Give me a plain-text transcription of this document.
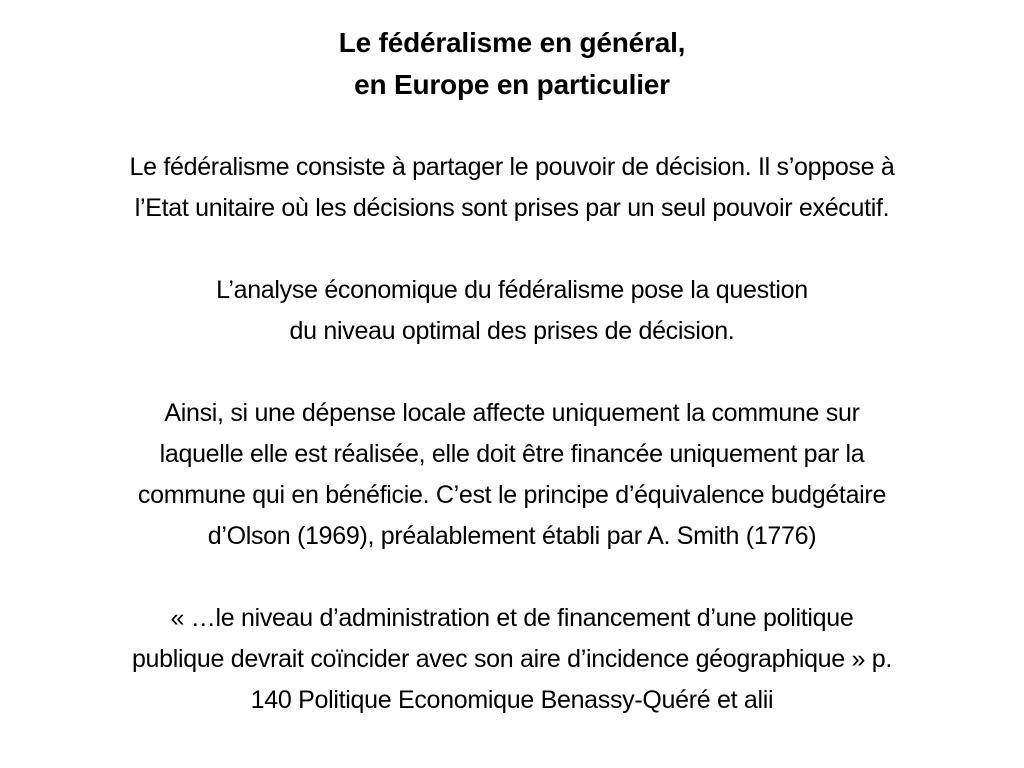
Le fédéralisme en général,
en Europe en particulier
Le fédéralisme consiste à partager le pouvoir de décision. Il s’oppose à
l’Etat unitaire où les décisions sont prises par un seul pouvoir exécutif.
L’analyse économique du fédéralisme pose la question
du niveau optimal des prises de décision.
Ainsi, si une dépense locale affecte uniquement la commune sur
laquelle elle est réalisée, elle doit être financée uniquement par la
commune qui en bénéficie. C’est le principe d’équivalence budgétaire
d’Olson (1969), préalablement établi par A. Smith (1776)
« …le niveau d’administration et de financement d’une politique
publique devrait coïncider avec son aire d’incidence géographique » p.
140 Politique Economique Benassy-Quéré et alii
